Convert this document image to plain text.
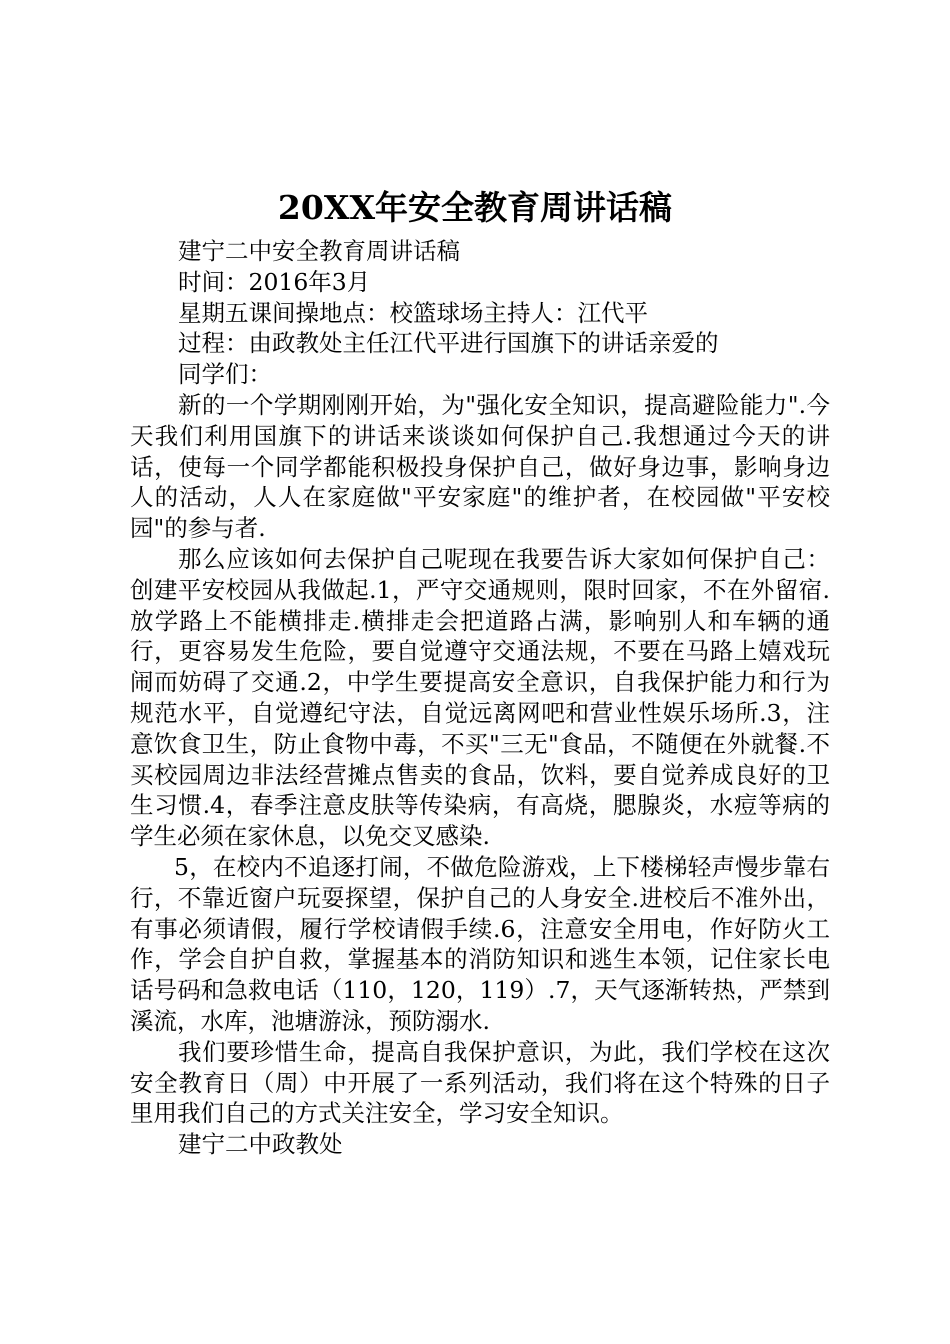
20XX年安全教育周讲话稿

建宁二中安全教育周讲话稿

时间：2016年3月

星期五课间操地点：校篮球场主持人：江代平

过程：由政教处主任江代平进行国旗下的讲话亲爱的

同学们：

新的一个学期刚刚开始，为"强化安全知识，提高避险能力".今天我们利用国旗下的讲话来谈谈如何保护自己.我想通过今天的讲话，使每一个同学都能积极投身保护自己，做好身边事，影响身边人的活动，人人在家庭做"平安家庭"的维护者，在校园做"平安校园"的参与者.

那么应该如何去保护自己呢现在我要告诉大家如何保护自己：创建平安校园从我做起.1，严守交通规则，限时回家，不在外留宿.放学路上不能横排走.横排走会把道路占满，影响别人和车辆的通行，更容易发生危险，要自觉遵守交通法规，不要在马路上嬉戏玩闹而妨碍了交通.2，中学生要提高安全意识，自我保护能力和行为规范水平，自觉遵纪守法，自觉远离网吧和营业性娱乐场所.3，注意饮食卫生，防止食物中毒，不买"三无"食品，不随便在外就餐.不买校园周边非法经营摊点售卖的食品，饮料，要自觉养成良好的卫生习惯.4，春季注意皮肤等传染病，有高烧，腮腺炎，水痘等病的学生必须在家休息，以免交叉感染.

5，在校内不追逐打闹，不做危险游戏，上下楼梯轻声慢步靠右行，不靠近窗户玩耍探望，保护自己的人身安全.进校后不准外出，有事必须请假，履行学校请假手续.6，注意安全用电，作好防火工作，学会自护自救，掌握基本的消防知识和逃生本领，记住家长电话号码和急救电话（110，120，119）.7，天气逐渐转热，严禁到溪流，水库，池塘游泳，预防溺水.

我们要珍惜生命，提高自我保护意识，为此，我们学校在这次安全教育日（周）中开展了一系列活动，我们将在这个特殊的日子里用我们自己的方式关注安全，学习安全知识。

建宁二中政教处
